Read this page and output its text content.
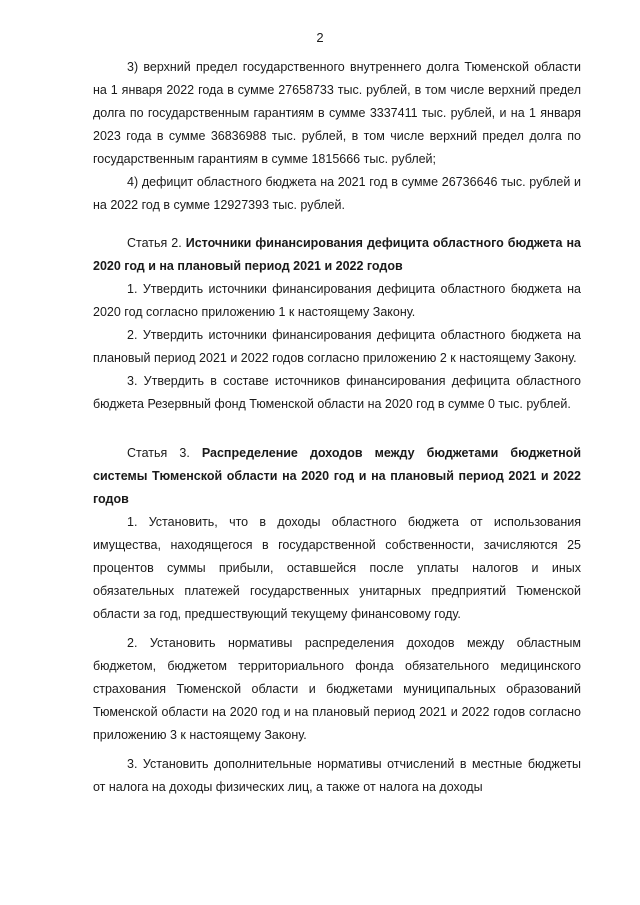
2

3) верхний предел государственного внутреннего долга Тюменской области на 1 января 2022 года в сумме 27658733 тыс. рублей, в том числе верхний предел долга по государственным гарантиям в сумме 3337411 тыс. рублей, и на 1 января 2023 года в сумме 36836988 тыс. рублей, в том числе верхний предел долга по государственным гарантиям в сумме 1815666 тыс. рублей;

4) дефицит областного бюджета на 2021 год в сумме 26736646 тыс. рублей и на 2022 год в сумме 12927393 тыс. рублей.

Статья 2. Источники финансирования дефицита областного бюджета на 2020 год и на плановый период 2021 и 2022 годов

1. Утвердить источники финансирования дефицита областного бюджета на 2020 год согласно приложению 1 к настоящему Закону.

2. Утвердить источники финансирования дефицита областного бюджета на плановый период 2021 и 2022 годов согласно приложению 2 к настоящему Закону.

3. Утвердить в составе источников финансирования дефицита областного бюджета Резервный фонд Тюменской области на 2020 год в сумме 0 тыс. рублей.

Статья 3. Распределение доходов между бюджетами бюджетной системы Тюменской области на 2020 год и на плановый период 2021 и 2022 годов

1. Установить, что в доходы областного бюджета от использования имущества, находящегося в государственной собственности, зачисляются 25 процентов суммы прибыли, оставшейся после уплаты налогов и иных обязательных платежей государственных унитарных предприятий Тюменской области за год, предшествующий текущему финансовому году.

2. Установить нормативы распределения доходов между областным бюджетом, бюджетом территориального фонда обязательного медицинского страхования Тюменской области и бюджетами муниципальных образований Тюменской области на 2020 год и на плановый период 2021 и 2022 годов согласно приложению 3 к настоящему Закону.

3. Установить дополнительные нормативы отчислений в местные бюджеты от налога на доходы физических лиц, а также от налога на доходы
